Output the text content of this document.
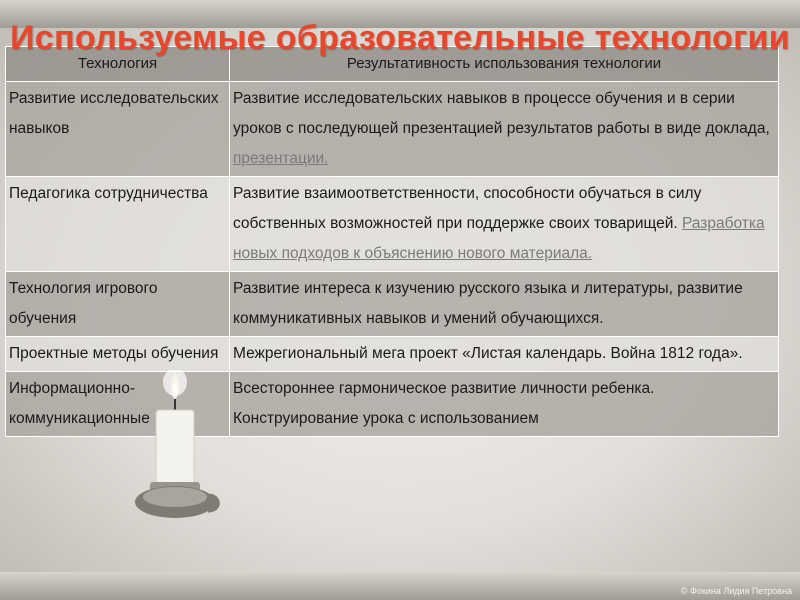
Используемые образовательные технологии
Технология	Результативность использования технологии
Развитие исследовательских навыков	Развитие исследовательских навыков в процессе обучения и в серии уроков с последующей презентацией результатов работы в виде доклада, презентации.
Педагогика сотрудничества	Развитие взаимоответственности, способности обучаться в силу собственных возможностей при поддержке своих товарищей. Разработка новых подходов к объяснению нового материала.
Технология игрового обучения	Развитие интереса к изучению русского языка и литературы, развитие коммуникативных навыков и умений обучающихся.
Проектные методы обучения	Межрегиональный мега проект «Листая календарь. Война 1812 года».
Информационно-коммуникационные	Всестороннее гармоническое развитие личности ребенка. Конструирование урока с использованием
© Фокина Лидия Петровна
